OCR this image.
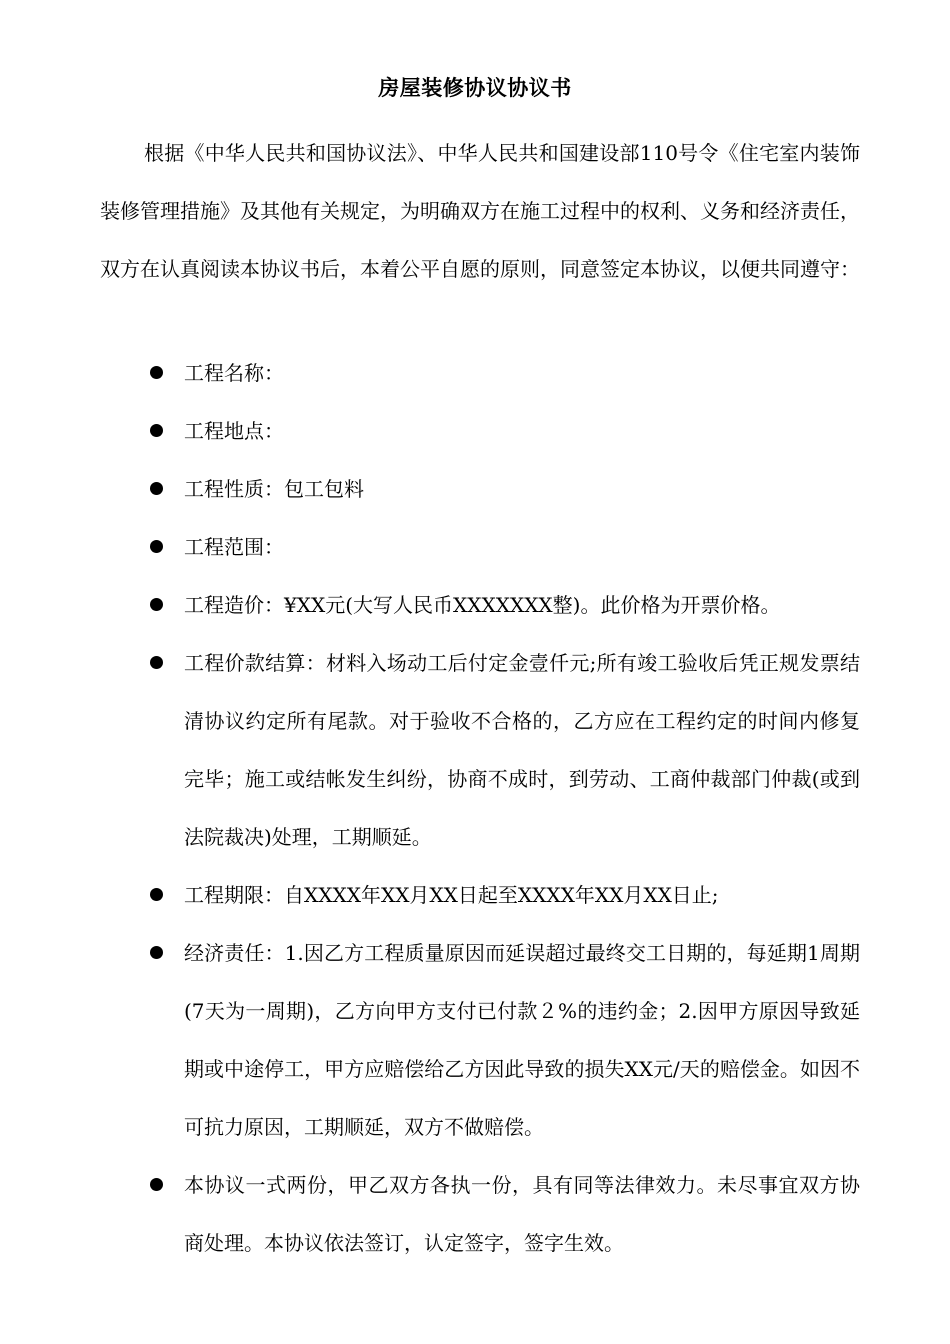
房屋装修协议协议书

根据《中华人民共和国协议法》、中华人民共和国建设部110号令《住宅室内装饰装修管理措施》及其他有关规定，为明确双方在施工过程中的权利、义务和经济责任，双方在认真阅读本协议书后，本着公平自愿的原则，同意签定本协议，以便共同遵守：

工程名称：
工程地点：
工程性质：包工包料
工程范围：
工程造价：¥XX元(大写人民币XXXXXXX整)。此价格为开票价格。
工程价款结算：材料入场动工后付定金壹仟元;所有竣工验收后凭正规发票结清协议约定所有尾款。对于验收不合格的，乙方应在工程约定的时间内修复完毕；施工或结帐发生纠纷，协商不成时，到劳动、工商仲裁部门仲裁(或到法院裁决)处理，工期顺延。
工程期限：自XXXX年XX月XX日起至XXXX年XX月XX日止;
经济责任：1.因乙方工程质量原因而延误超过最终交工日期的，每延期1周期(7天为一周期)，乙方向甲方支付已付款２%的违约金；2.因甲方原因导致延期或中途停工，甲方应赔偿给乙方因此导致的损失XX元/天的赔偿金。如因不可抗力原因，工期顺延，双方不做赔偿。
本协议一式两份，甲乙双方各执一份，具有同等法律效力。未尽事宜双方协商处理。本协议依法签订，认定签字，签字生效。
